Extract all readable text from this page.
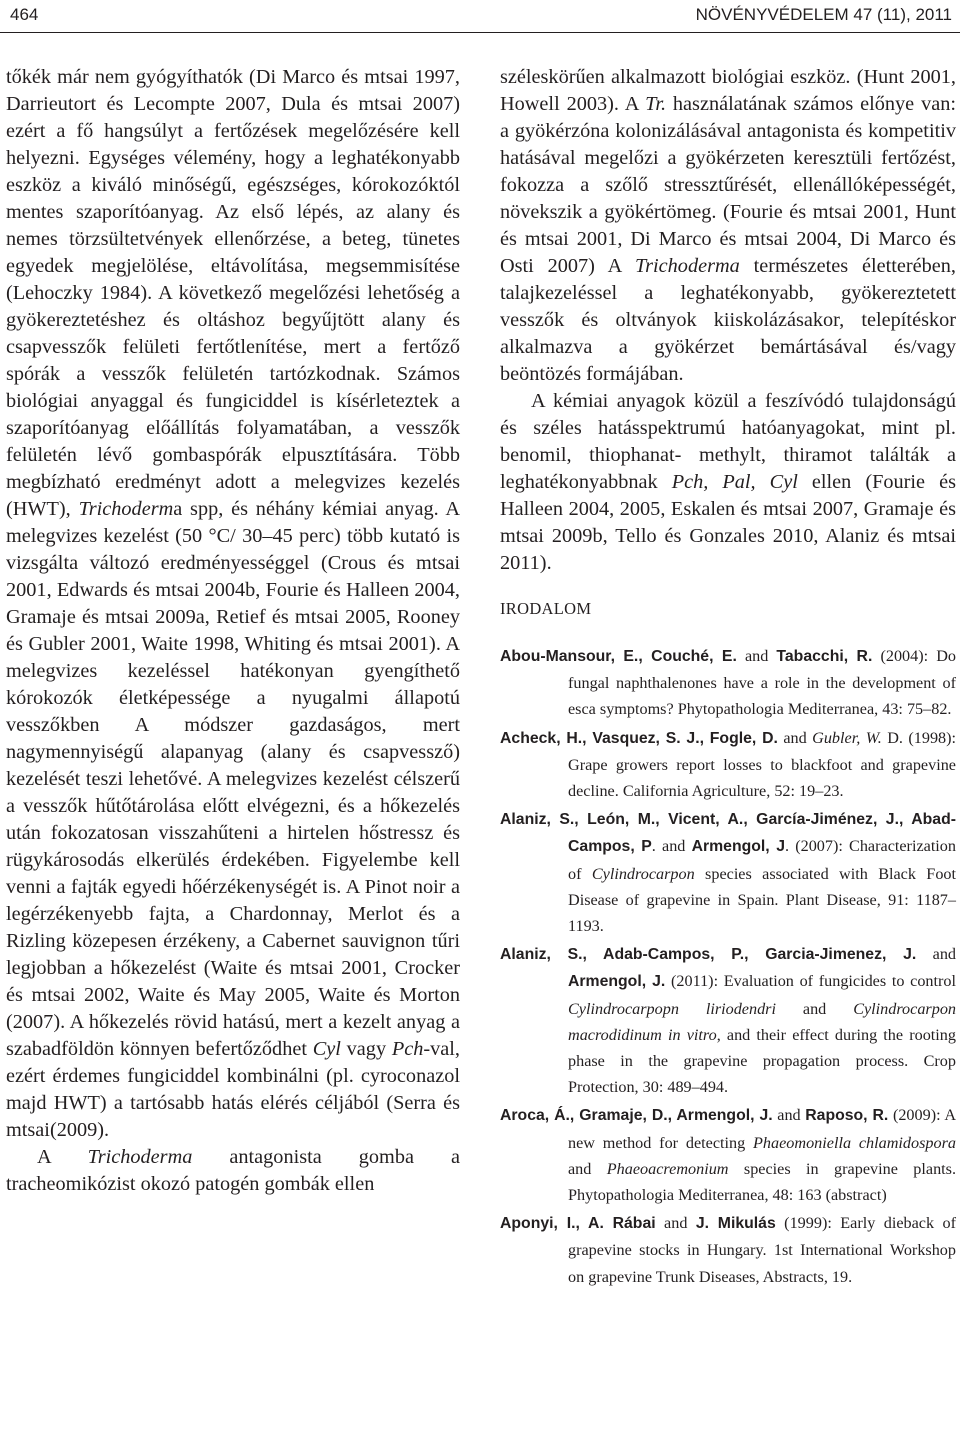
464	NÖVÉNYVÉDELEM 47 (11), 2011

tőkék már nem gyógyíthatók (Di Marco és mtsai 1997, Darrieutort és Lecompte 2007, Dula és mtsai 2007) ezért a fő hangsúlyt a fertőzések megelőzésére kell helyezni. Egységes vélemény, hogy a leghatékonyabb eszköz a kiváló minőségű, egészséges, kórokozóktól mentes szaporítóanyag. Az első lépés, az alany és nemes törzsültetvények ellenőrzése, a beteg, tünetes egyedek megjelölése, eltávolítása, megsemmisítése (Lehoczky 1984). A következő megelőzési lehetőség a gyökereztetéshez és oltáshoz begyűjtött alany és csapvesszők felületi fertőtlenítése, mert a fertőző spórák a vesszők felületén tartózkodnak. Számos biológiai anyaggal és fungiciddel is kísérleteztek a szaporítóanyag előállítás folyamatában, a vesszők felületén lévő gombaspórák elpusztítására. Több megbízható eredményt adott a melegvizes kezelés (HWT), Trichoderma spp, és néhány kémiai anyag. A melegvizes kezelést (50 °C/ 30–45 perc) több kutató is vizsgálta változó eredményességgel (Crous és mtsai 2001, Edwards és mtsai 2004b, Fourie és Halleen 2004, Gramaje és mtsai 2009a, Retief és mtsai 2005, Rooney és Gubler 2001, Waite 1998, Whiting és mtsai 2001). A melegvizes kezeléssel hatékonyan gyengíthető kórokozók életképessége a nyugalmi állapotú vesszőkben A módszer gazdaságos, mert nagymennyiségű alapanyag (alany és csapvessző) kezelését teszi lehetővé. A melegvizes kezelést célszerű a vesszők hűtőtárolása előtt elvégezni, és a hőkezelés után fokozatosan visszahűteni a hirtelen hőstressz és rügykárosodás elkerülés érdekében. Figyelembe kell venni a fajták egyedi hőérzékenységét is. A Pinot noir a legérzékenyebb fajta, a Chardonnay, Merlot és a Rizling közepesen érzékeny, a Cabernet sauvignon tűri legjobban a hőkezelést (Waite és mtsai 2001, Crocker és mtsai 2002, Waite és May 2005, Waite és Morton (2007). A hőkezelés rövid hatású, mert a kezelt anyag a szabadföldön könnyen befertőződhet Cyl vagy Pch-val, ezért érdemes fungiciddel kombinálni (pl. cyroconazol majd HWT) a tartósabb hatás elérés céljából (Serra és mtsai(2009).

A Trichoderma antagonista gomba a tracheomikózist okozó patogén gombák ellen

széleskörűen alkalmazott biológiai eszköz. (Hunt 2001, Howell 2003). A Tr. használatának számos előnye van: a gyökérzóna kolonizálásával antagonista és kompetitiv hatásával megelőzi a gyökérzeten keresztüli fertőzést, fokozza a szőlő stressztűrését, ellenállóképességét, növekszik a gyökértömeg. (Fourie és mtsai 2001, Hunt és mtsai 2001, Di Marco és mtsai 2004, Di Marco és Osti 2007) A Trichoderma természetes életterében, talajkezeléssel a leghatékonyabb, gyökereztetett vesszők és oltványok kiiskolázásakor, telepítéskor alkalmazva a gyökérzet bemártásával és/vagy beöntözés formájában.

A kémiai anyagok közül a feszívódó tulajdonságú és széles hatásspektrumú hatóanyagokat, mint pl. benomil, thiophanat- methylt, thiramot találták a leghatékonyabbnak Pch, Pal, Cyl ellen (Fourie és Halleen 2004, 2005, Eskalen és mtsai 2007, Gramaje és mtsai 2009b, Tello és Gonzales 2010, Alaniz és mtsai 2011).

IRODALOM

Abou-Mansour, E., Couché, E. and Tabacchi, R. (2004): Do fungal naphthalenones have a role in the development of esca symptoms? Phytopathologia Mediterranea, 43: 75–82.

Acheck, H., Vasquez, S. J., Fogle, D. and Gubler, W. D. (1998): Grape growers report losses to blackfoot and grapevine decline. California Agriculture, 52: 19–23.

Alaniz, S., León, M., Vicent, A., García-Jiménez, J., Abad-Campos, P. and Armengol, J. (2007): Characterization of Cylindrocarpon species associated with Black Foot Disease of grapevine in Spain. Plant Disease, 91: 1187–1193.

Alaniz, S., Adab-Campos, P., Garcia-Jimenez, J. and Armengol, J. (2011): Evaluation of fungicides to control Cylindrocarpopn liriodendri and Cylindrocarpon macrodidinum in vitro, and their effect during the rooting phase in the grapevine propagation process. Crop Protection, 30: 489–494.

Aroca, Á., Gramaje, D., Armengol, J. and Raposo, R. (2009): A new method for detecting Phaeomoniella chlamidospora and Phaeoacremonium species in grapevine plants. Phytopathologia Mediterranea, 48: 163 (abstract)

Aponyi, I., A. Rábai and J. Mikulás (1999): Early dieback of grapevine stocks in Hungary. 1st International Workshop on grapevine Trunk Diseases, Abstracts, 19.
